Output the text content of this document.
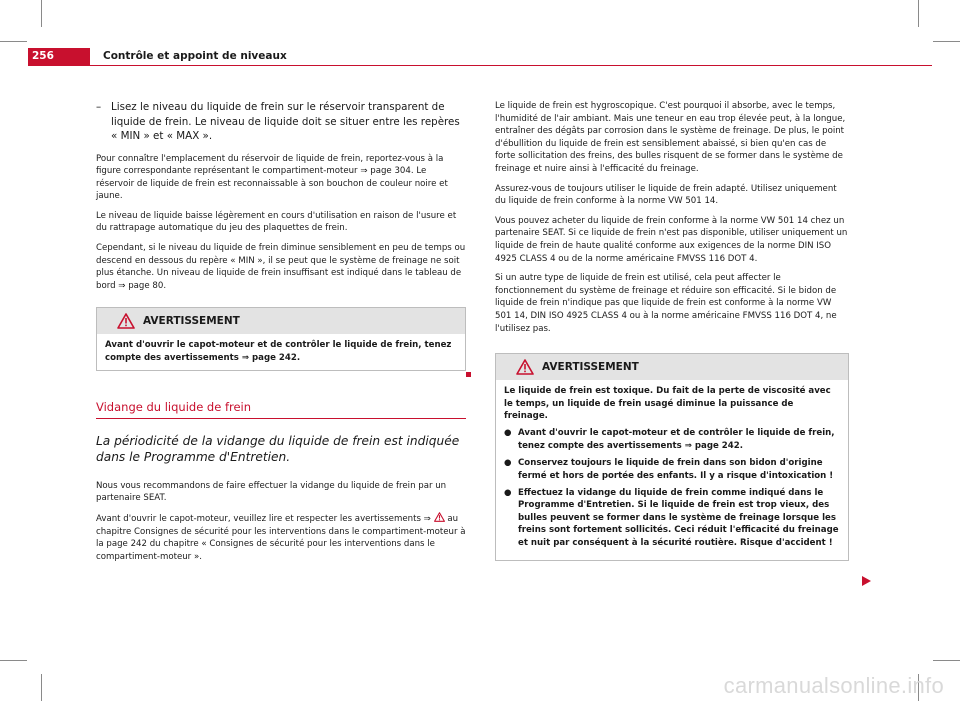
256	Contrôle et appoint de niveaux

– Lisez le niveau du liquide de frein sur le réservoir transparent de liquide de frein. Le niveau de liquide doit se situer entre les repères « MIN » et « MAX ».

Pour connaître l'emplacement du réservoir de liquide de frein, reportez-vous à la figure correspondante représentant le compartiment-moteur ⇒ page 304. Le réservoir de liquide de frein est reconnaissable à son bouchon de couleur noire et jaune.

Le niveau de liquide baisse légèrement en cours d'utilisation en raison de l'usure et du rattrapage automatique du jeu des plaquettes de frein.

Cependant, si le niveau du liquide de frein diminue sensiblement en peu de temps ou descend en dessous du repère « MIN », il se peut que le système de freinage ne soit plus étanche. Un niveau de liquide de frein insuffisant est indiqué dans le tableau de bord ⇒ page 80.

AVERTISSEMENT
Avant d'ouvrir le capot-moteur et de contrôler le liquide de frein, tenez compte des avertissements ⇒ page 242.
Vidange du liquide de frein

La périodicité de la vidange du liquide de frein est indiquée dans le Programme d'Entretien.

Nous vous recommandons de faire effectuer la vidange du liquide de frein par un partenaire SEAT.

Avant d'ouvrir le capot-moteur, veuillez lire et respecter les avertissements ⇒ au chapitre Consignes de sécurité pour les interventions dans le compartiment-moteur à la page 242 du chapitre « Consignes de sécurité pour les interventions dans le compartiment-moteur ».

Le liquide de frein est hygroscopique. C'est pourquoi il absorbe, avec le temps, l'humidité de l'air ambiant. Mais une teneur en eau trop élevée peut, à la longue, entraîner des dégâts par corrosion dans le système de freinage. De plus, le point d'ébullition du liquide de frein est sensiblement abaissé, si bien qu'en cas de forte sollicitation des freins, des bulles risquent de se former dans le système de freinage et nuire ainsi à l'efficacité du freinage.

Assurez-vous de toujours utiliser le liquide de frein adapté. Utilisez uniquement du liquide de frein conforme à la norme VW 501 14.

Vous pouvez acheter du liquide de frein conforme à la norme VW 501 14 chez un partenaire SEAT. Si ce liquide de frein n'est pas disponible, utiliser uniquement un liquide de frein de haute qualité conforme aux exigences de la norme DIN ISO 4925 CLASS 4 ou de la norme américaine FMVSS 116 DOT 4.

Si un autre type de liquide de frein est utilisé, cela peut affecter le fonctionnement du système de freinage et réduire son efficacité. Si le bidon de liquide de frein n'indique pas que liquide de frein est conforme à la norme VW 501 14, DIN ISO 4925 CLASS 4 ou à la norme américaine FMVSS 116 DOT 4, ne l'utilisez pas.

AVERTISSEMENT

Le liquide de frein est toxique. Du fait de la perte de viscosité avec le temps, un liquide de frein usagé diminue la puissance de freinage.

● Avant d'ouvrir le capot-moteur et de contrôler le liquide de frein, tenez compte des avertissements ⇒ page 242.

● Conservez toujours le liquide de frein dans son bidon d'origine fermé et hors de portée des enfants. Il y a risque d'intoxication !

● Effectuez la vidange du liquide de frein comme indiqué dans le Programme d'Entretien. Si le liquide de frein est trop vieux, des bulles peuvent se former dans le système de freinage lorsque les freins sont fortement sollicités. Ceci réduit l'efficacité du freinage et nuit par conséquent à la sécurité routière. Risque d'accident !

carmanualsonline.info
